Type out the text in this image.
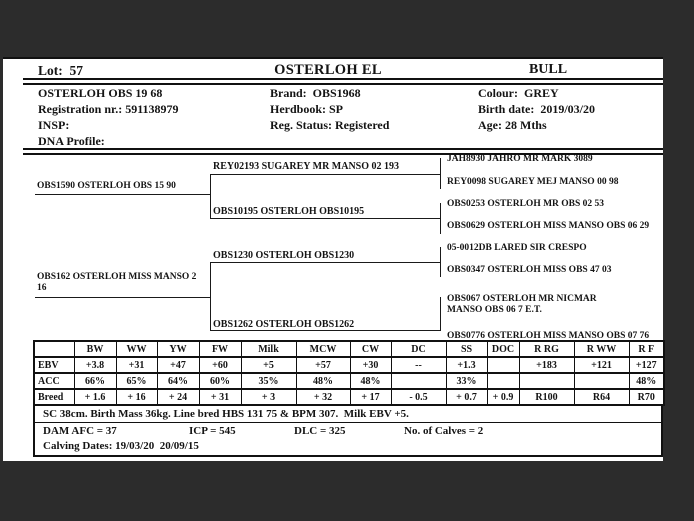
Lot:  57	OSTERLOH EL	BULL
OSTERLOH OBS 19 68
Registration nr.: 591138979
INSP:
DNA Profile:
Brand:  OBS1968
Herdbook: SP
Reg. Status: Registered
Colour:  GREY
Birth date:  2019/03/20
Age: 28 Mths
OBS1590 OSTERLOH OBS 15 90
OBS162 OSTERLOH MISS MANSO 2 16
REY02193 SUGAREY MR MANSO 02 193
OBS10195 OSTERLOH OBS10195
OBS1230 OSTERLOH OBS1230
OBS1262 OSTERLOH OBS1262
JAH8930 JAHRO MR MARK 3089
REY0098 SUGAREY MEJ MANSO 00 98
OBS0253 OSTERLOH MR OBS 02 53
OBS0629 OSTERLOH MISS MANSO OBS 06 29
05-0012DB LARED SIR CRESPO
OBS0347 OSTERLOH MISS OBS 47 03
OBS067 OSTERLOH MR NICMAR MANSO OBS 06 7 E.T.
OBS0776 OSTERLOH MISS MANSO OBS 07 76
	BW	WW	YW	FW	Milk	MCW	CW	DC	SS	DOC	R RG	R WW	R F
EBV	+3.8	+31	+47	+60	+5	+57	+30	--	+1.3		+183	+121	+127
ACC	66%	65%	64%	60%	35%	48%	48%		33%				48%
Breed	+ 1.6	+ 16	+ 24	+ 31	+ 3	+ 32	+ 17	- 0.5	+ 0.7	+ 0.9	R100	R64	R70
SC 38cm. Birth Mass 36kg. Line bred HBS 131 75 & BPM 307.  Milk EBV +5.
DAM AFC = 37	ICP = 545	DLC = 325	No. of Calves = 2
Calving Dates: 19/03/20  20/09/15
